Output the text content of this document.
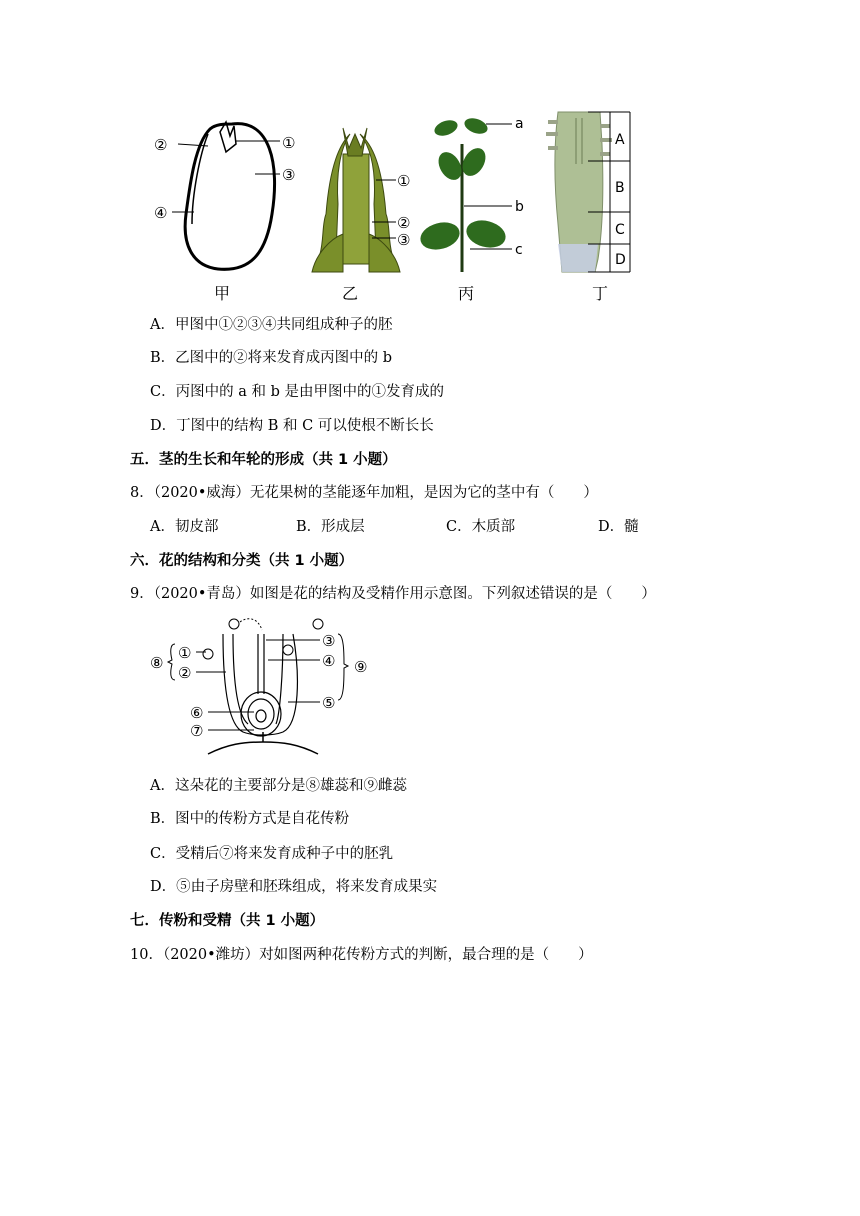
②	①
③
④
①
②
③
a
b
c
A
B
C
D
甲	乙	丙	丁
A．甲图中①②③④共同组成种子的胚
B．乙图中的②将来发育成丙图中的 b
C．丙图中的 a 和 b 是由甲图中的①发育成的
D．丁图中的结构 B 和 C 可以使根不断长长
五．茎的生长和年轮的形成（共 1 小题）
8．（2020•威海）无花果树的茎能逐年加粗，是因为它的茎中有（　　）
A．韧皮部	B．形成层	C．木质部	D．髓
六．花的结构和分类（共 1 小题）
9．（2020•青岛）如图是花的结构及受精作用示意图。下列叙述错误的是（　　）
①
②
③
④
⑤
⑥
⑦
⑧	⑨
A．这朵花的主要部分是⑧雄蕊和⑨雌蕊
B．图中的传粉方式是自花传粉
C．受精后⑦将来发育成种子中的胚乳
D．⑤由子房壁和胚珠组成，将来发育成果实
七．传粉和受精（共 1 小题）
10．（2020•潍坊）对如图两种花传粉方式的判断，最合理的是（　　）
